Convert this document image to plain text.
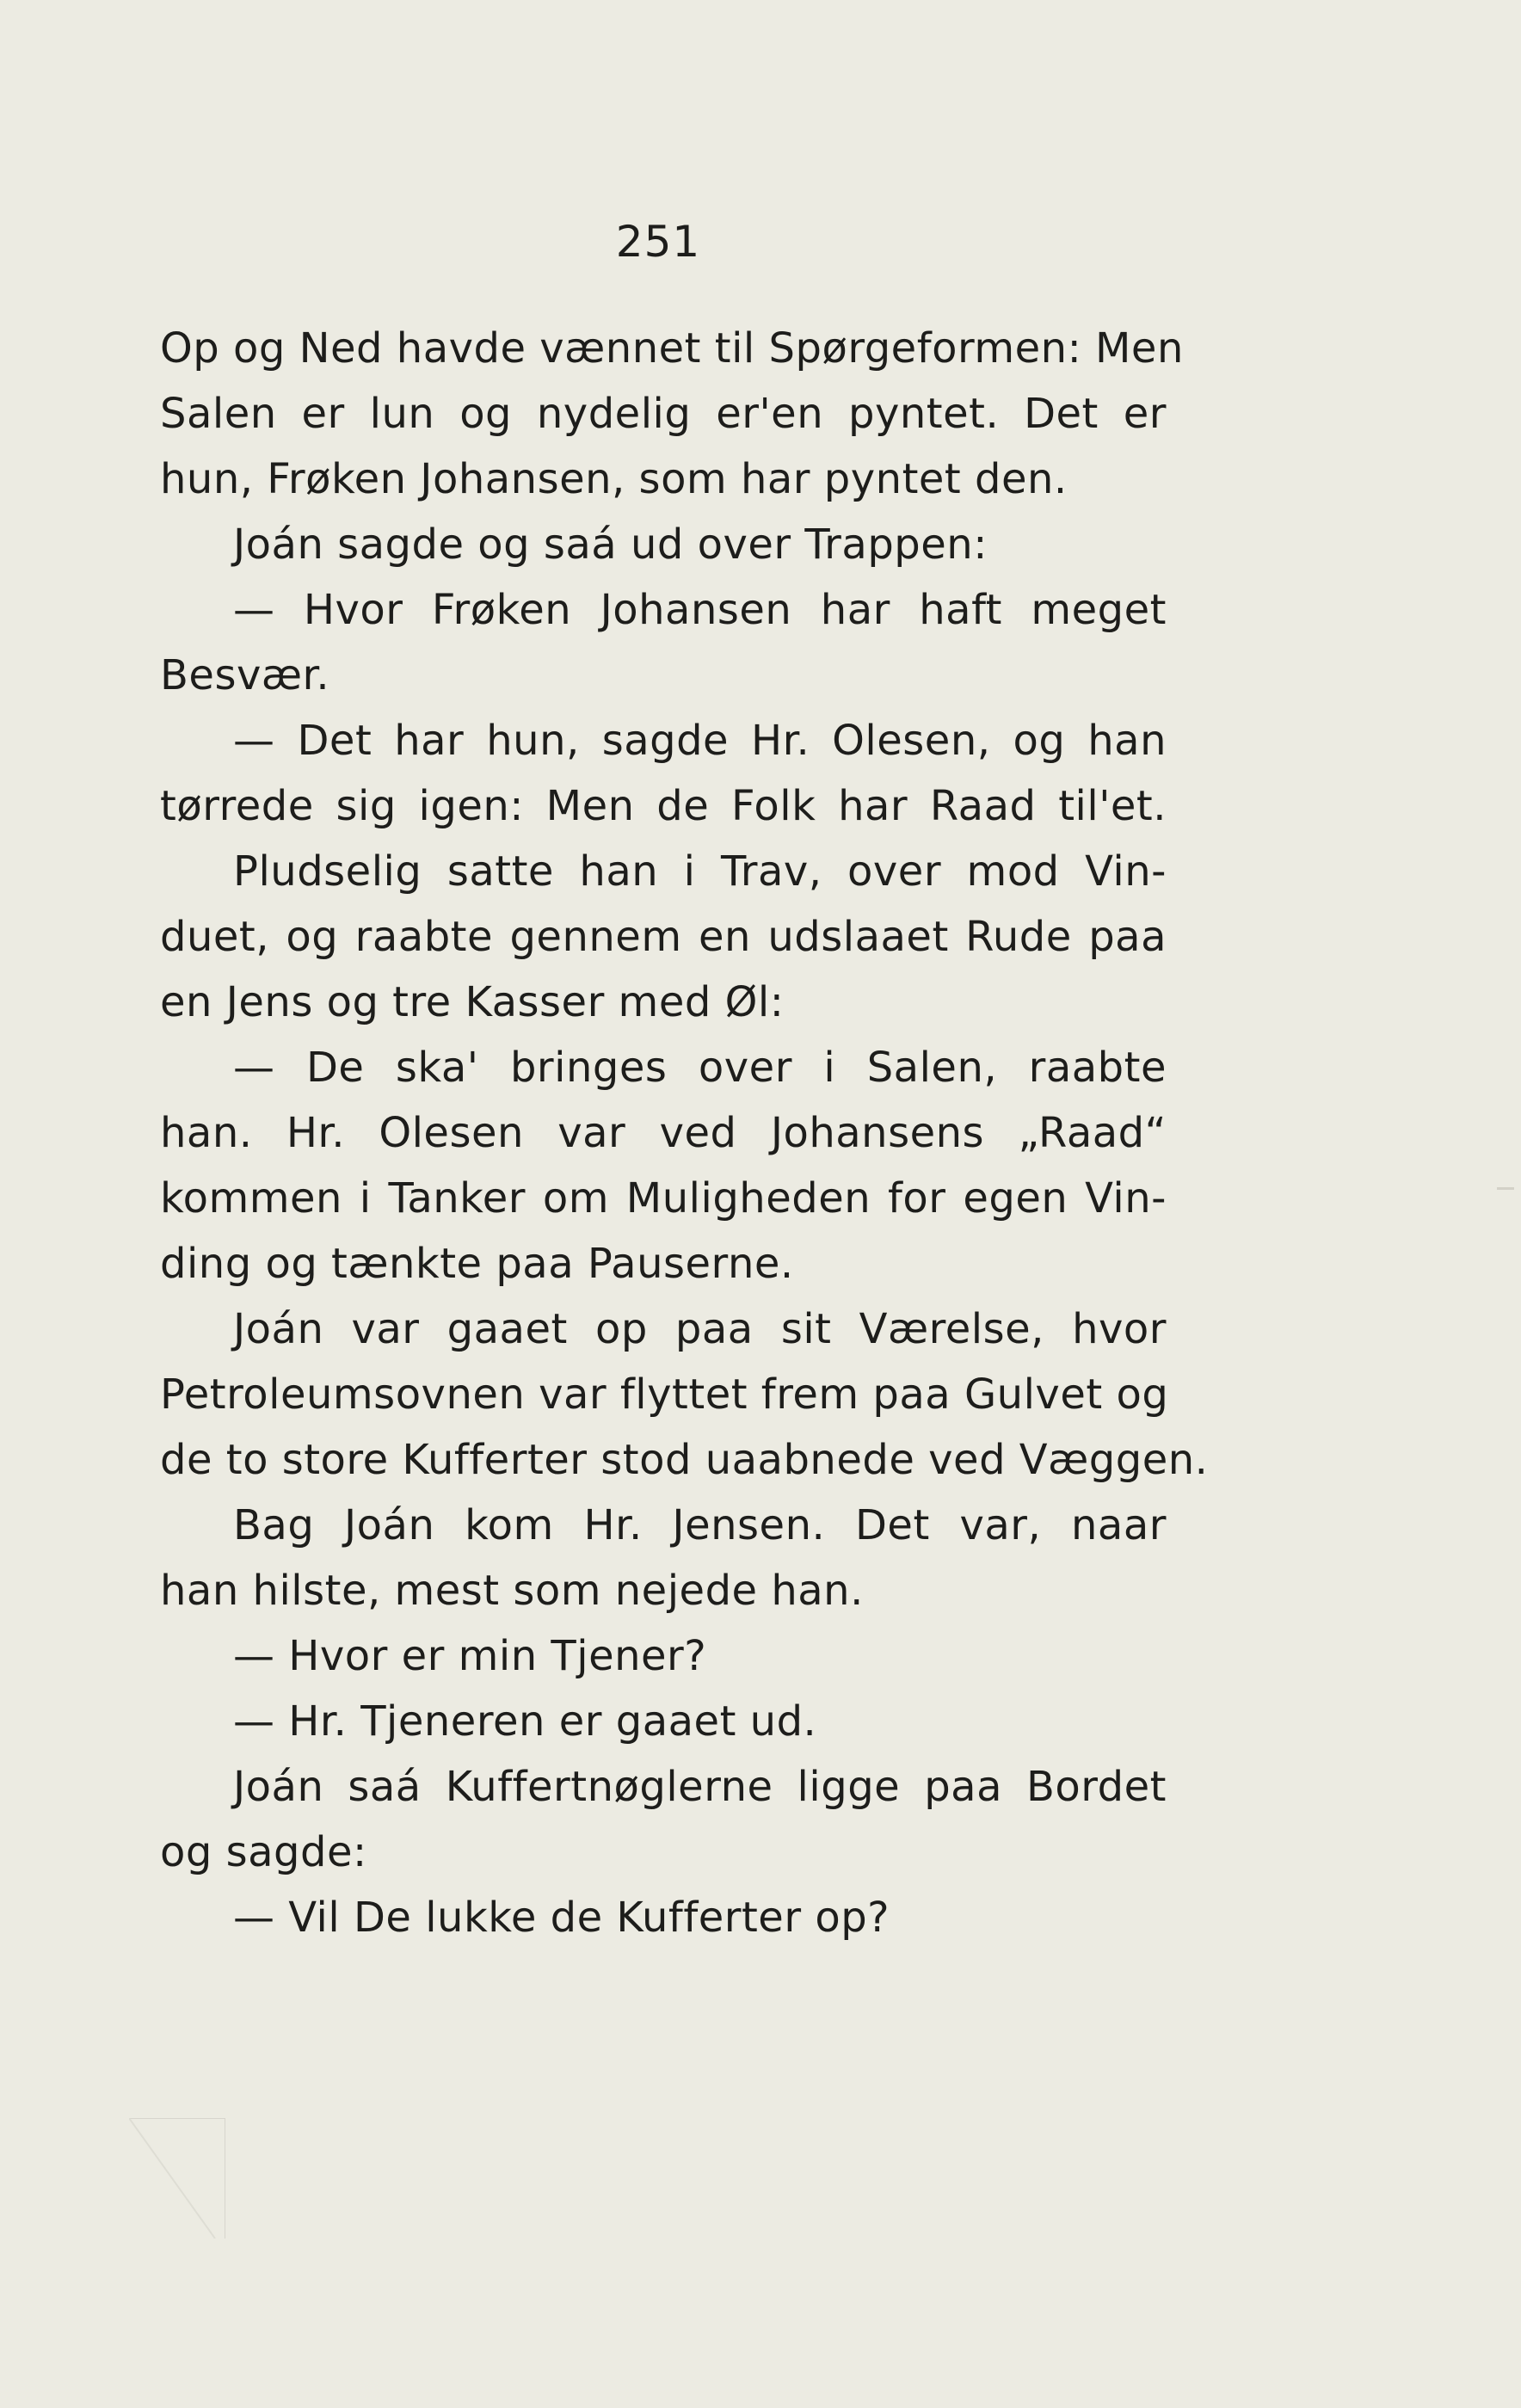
251
Op og Ned havde vænnet til Spørgeformen: Men
Salen er lun og nydelig er'en pyntet. Det er
hun, Frøken Johansen, som har pyntet den.
Joán sagde og saá ud over Trappen:
— Hvor Frøken Johansen har haft meget
Besvær.
— Det har hun, sagde Hr. Olesen, og han
tørrede sig igen: Men de Folk har Raad til'et.
Pludselig satte han i Trav, over mod Vin-
duet, og raabte gennem en udslaaet Rude paa
en Jens og tre Kasser med Øl:
— De ska' bringes over i Salen, raabte
han. Hr. Olesen var ved Johansens „Raad“
kommen i Tanker om Muligheden for egen Vin-
ding og tænkte paa Pauserne.
Joán var gaaet op paa sit Værelse, hvor
Petroleumsovnen var flyttet frem paa Gulvet og
de to store Kufferter stod uaabnede ved Væggen.
Bag Joán kom Hr. Jensen. Det var, naar
han hilste, mest som nejede han.
— Hvor er min Tjener?
— Hr. Tjeneren er gaaet ud.
Joán saá Kuffertnøglerne ligge paa Bordet
og sagde:
— Vil De lukke de Kufferter op?
